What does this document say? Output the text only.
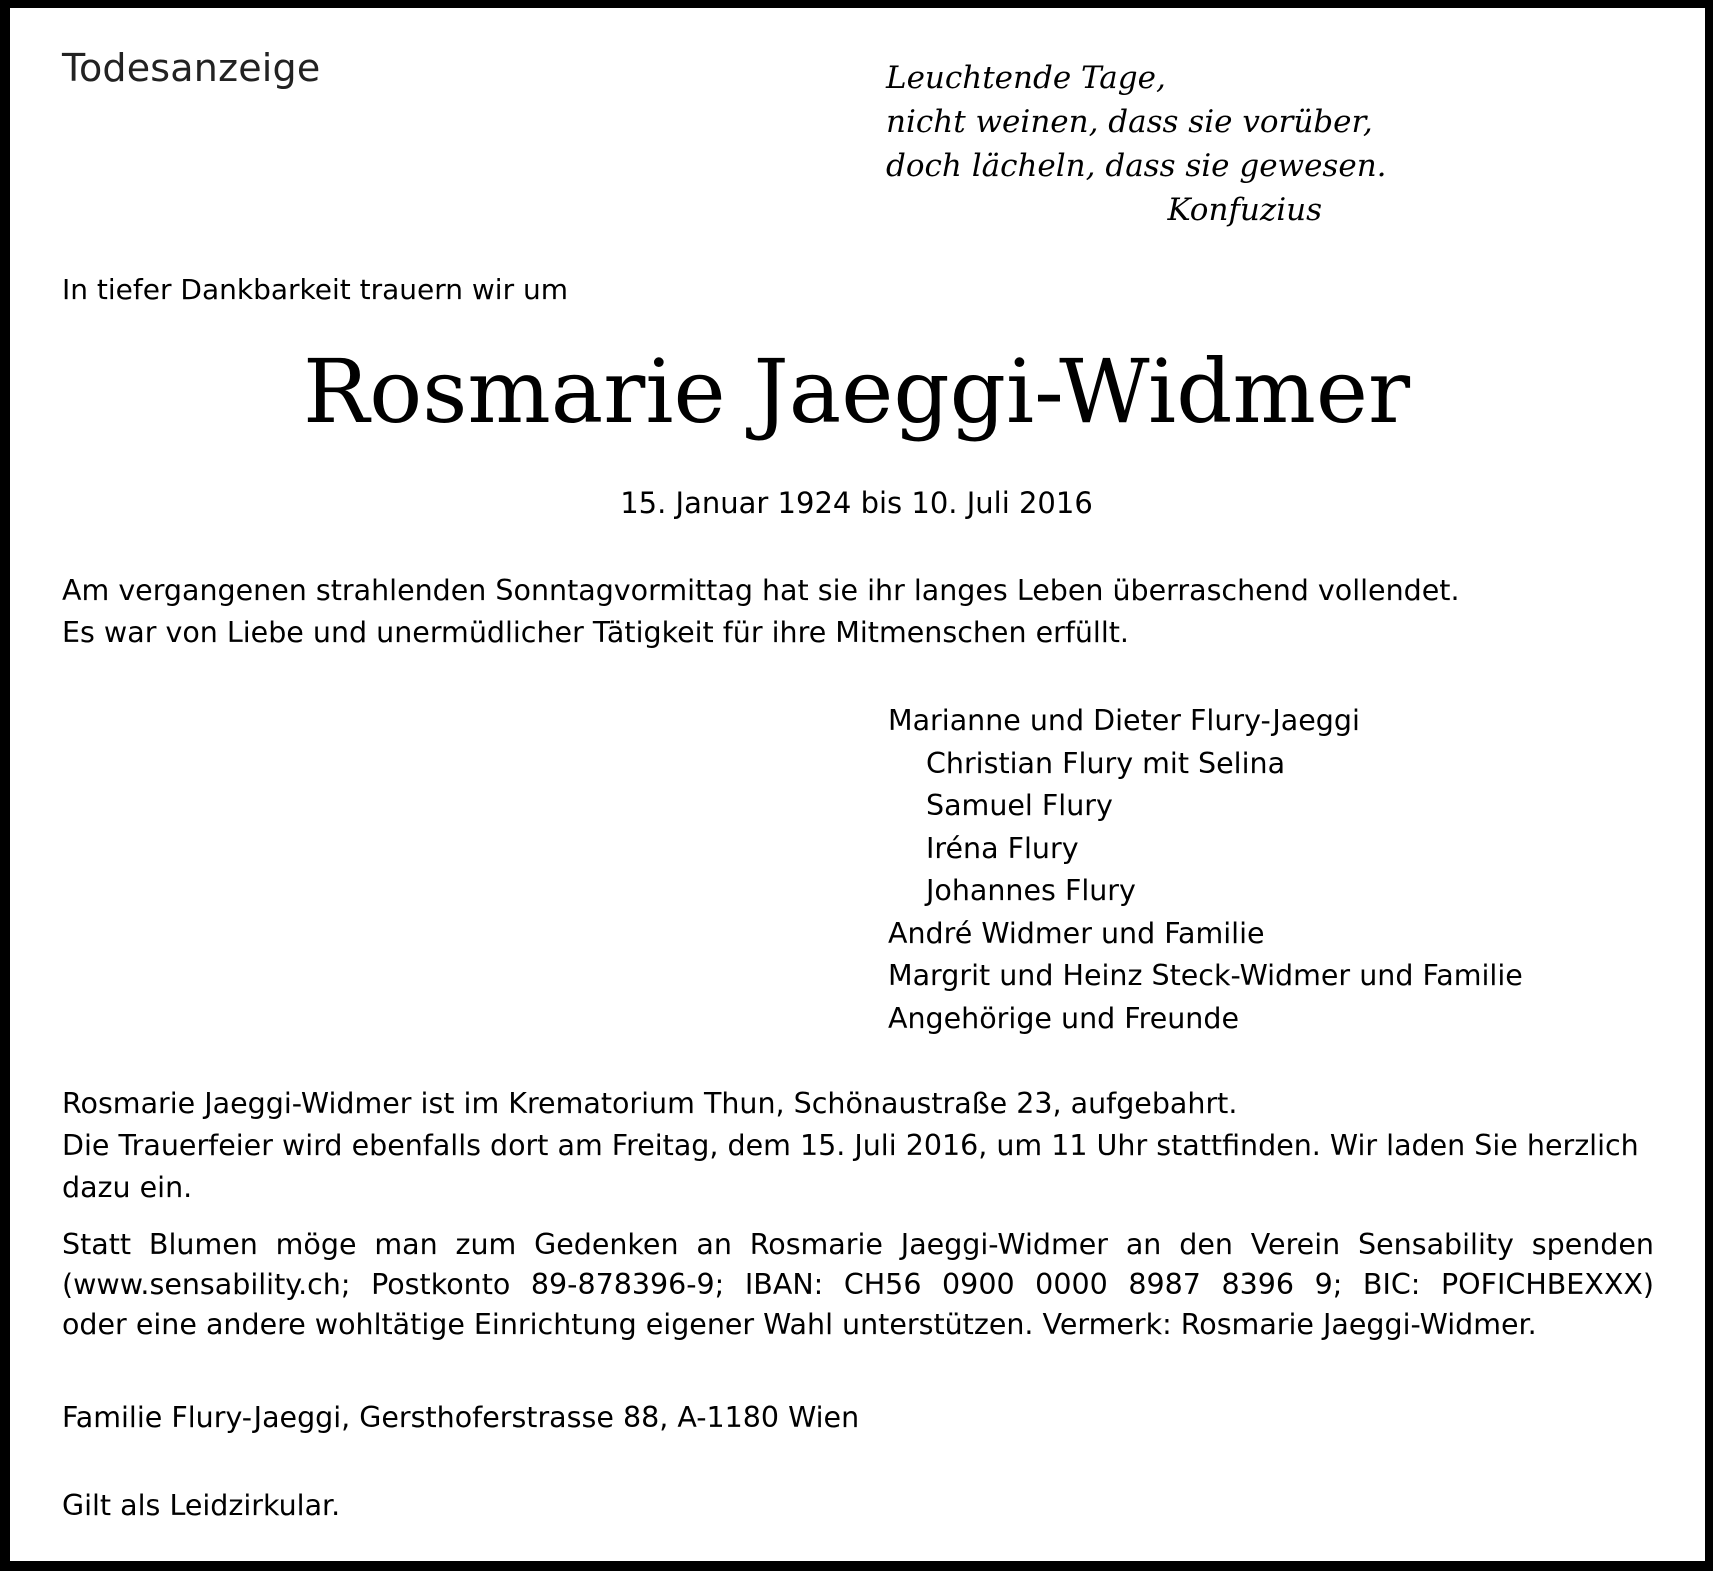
Todesanzeige	Leuchtende Tage,
nicht weinen, dass sie vorüber,
doch lächeln, dass sie gewesen.
Konfuzius
In tiefer Dankbarkeit trauern wir um
Rosmarie Jaeggi-Widmer
15. Januar 1924 bis 10. Juli 2016
Am vergangenen strahlenden Sonntagvormittag hat sie ihr langes Leben überraschend vollendet.
Es war von Liebe und unermüdlicher Tätigkeit für ihre Mitmenschen erfüllt.
Marianne und Dieter Flury-Jaeggi
Christian Flury mit Selina
Samuel Flury
Iréna Flury
Johannes Flury
André Widmer und Familie
Margrit und Heinz Steck-Widmer und Familie
Angehörige und Freunde
Rosmarie Jaeggi-Widmer ist im Krematorium Thun, Schönaustraße 23, aufgebahrt.
Die Trauerfeier wird ebenfalls dort am Freitag, dem 15. Juli 2016, um 11 Uhr stattfinden. Wir laden Sie herzlich
dazu ein.
Statt Blumen möge man zum Gedenken an Rosmarie Jaeggi-Widmer an den Verein Sensability spenden
(www.sensability.ch; Postkonto 89-878396-9; IBAN: CH56 0900 0000 8987 8396 9; BIC: POFICHBEXXX)
oder eine andere wohltätige Einrichtung eigener Wahl unterstützen. Vermerk: Rosmarie Jaeggi-Widmer.
Familie Flury-Jaeggi, Gersthoferstrasse 88, A-1180 Wien
Gilt als Leidzirkular.
